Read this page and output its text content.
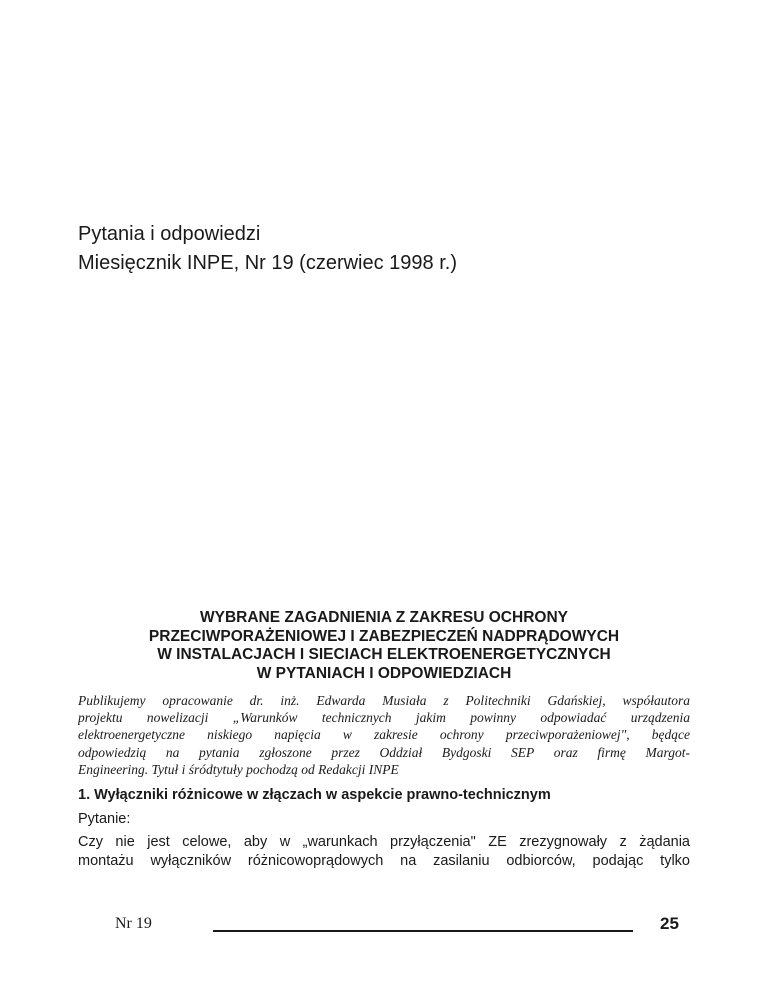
Pytania i odpowiedzi
Miesięcznik INPE, Nr 19 (czerwiec 1998 r.)
WYBRANE ZAGADNIENIA Z ZAKRESU OCHRONY
PRZECIWPORAŻENIOWEJ I ZABEZPIECZEŃ NADPRĄDOWYCH
W INSTALACJACH I SIECIACH ELEKTROENERGETYCZNYCH
W PYTANIACH I ODPOWIEDZIACH
Publikujemy opracowanie dr. inż. Edwarda Musiała z Politechniki Gdańskiej, współautora
projektu nowelizacji „Warunków technicznych jakim powinny odpowiadać urządzenia
elektroenergetyczne niskiego napięcia w zakresie ochrony przeciwporażeniowej", będące
odpowiedzią na pytania zgłoszone przez Oddział Bydgoski SEP oraz firmę Margot-
Engineering. Tytuł i śródtytuły pochodzą od Redakcji INPE
1. Wyłączniki różnicowe w złączach w aspekcie prawno-technicznym
Pytanie:
Czy nie jest celowe, aby w „warunkach przyłączenia" ZE zrezygnowały z żądania
montażu wyłączników różnicowoprądowych na zasilaniu odbiorców, podając tylko
Nr 19	25
